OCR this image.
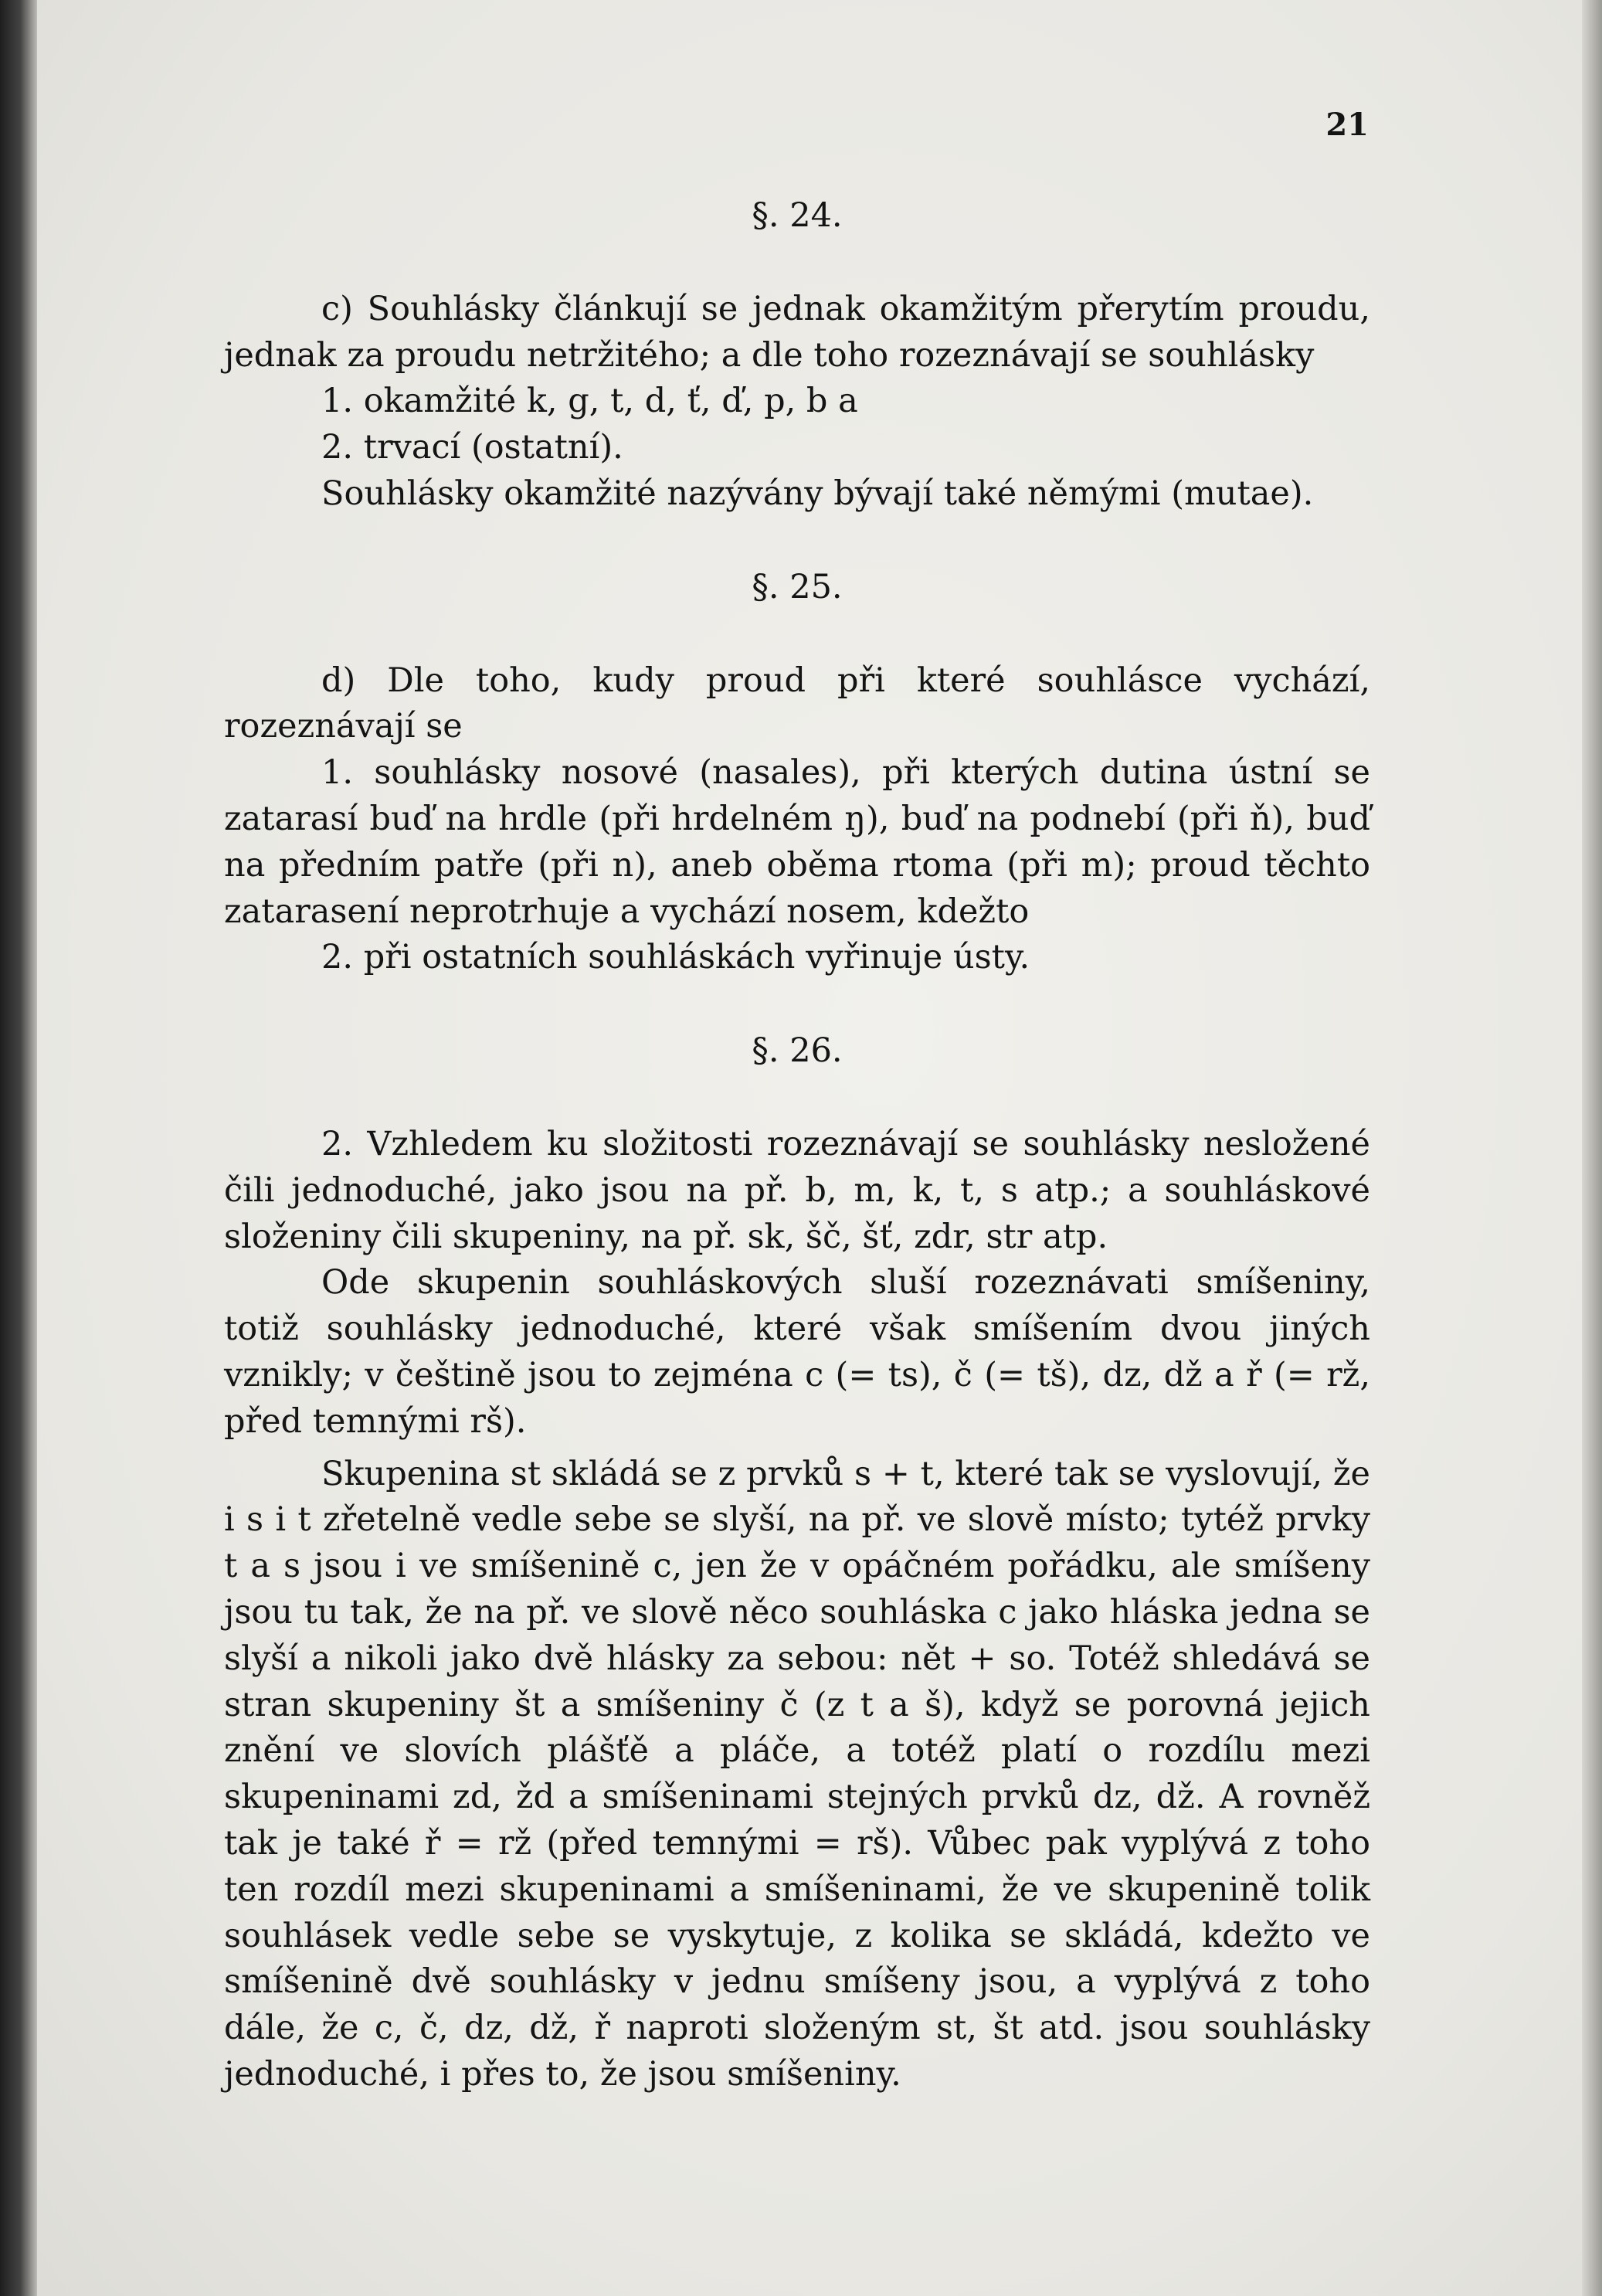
21
§. 24.

c) Souhlásky článkují se jednak okamžitým přerytím proudu, jednak za proudu netržitého; a dle toho rozeznávají se souhlásky

1. okamžité k, g, t, d, ť, ď, p, b a

2. trvací (ostatní).

Souhlásky okamžité nazývány bývají také němými (mutae).

§. 25.

d) Dle toho, kudy proud při které souhlásce vychází, rozeznávají se

1. souhlásky nosové (nasales), při kterých dutina ústní se zatarasí buď na hrdle (při hrdelném ŋ), buď na podnebí (při ň), buď na předním patře (při n), aneb oběma rtoma (při m); proud těchto zatarasení neprotrhuje a vychází nosem, kdežto

2. při ostatních souhláskách vyřinuje ústy.

§. 26.

2. Vzhledem ku složitosti rozeznávají se souhlásky nesložené čili jednoduché, jako jsou na př. b, m, k, t, s atp.; a souhláskové složeniny čili skupeniny, na př. sk, šč, šť, zdr, str atp.

Ode skupenin souhláskových sluší rozeznávati smíšeniny, totiž souhlásky jednoduché, které však smíšením dvou jiných vznikly; v češtině jsou to zejména c (= ts), č (= tš), dz, dž a ř (= rž, před temnými rš).

Skupenina st skládá se z prvků s + t, které tak se vyslovují, že i s i t zřetelně vedle sebe se slyší, na př. ve slově místo; tytéž prvky t a s jsou i ve smíšenině c, jen že v opáčném pořádku, ale smíšeny jsou tu tak, že na př. ve slově něco souhláska c jako hláska jedna se slyší a nikoli jako dvě hlásky za sebou: nět + so. Totéž shledává se stran skupeniny št a smíšeniny č (z t a š), když se porovná jejich znění ve slovích plášťě a pláče, a totéž platí o rozdílu mezi skupeninami zd, žd a smíšeninami stejných prvků dz, dž. A rovněž tak je také ř = rž (před temnými = rš). Vůbec pak vyplývá z toho ten rozdíl mezi skupeninami a smíšeninami, že ve skupenině tolik souhlásek vedle sebe se vyskytuje, z kolika se skládá, kdežto ve smíšenině dvě souhlásky v jednu smíšeny jsou, a vyplývá z toho dále, že c, č, dz, dž, ř naproti složeným st, št atd. jsou souhlásky jednoduché, i přes to, že jsou smíšeniny.
